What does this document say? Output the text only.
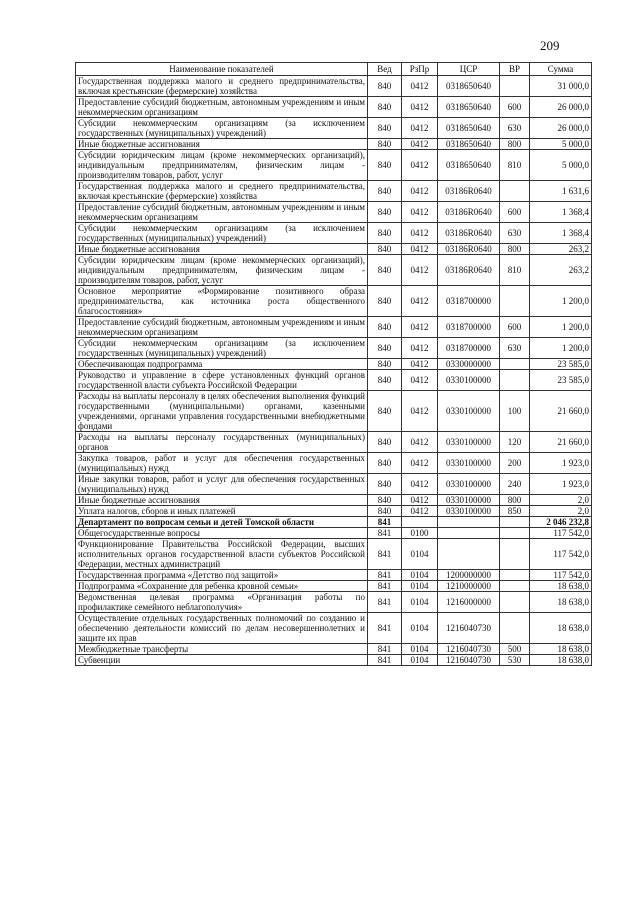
209
Наименование показателей	Вед	РзПр	ЦСР	ВР	Сумма
Государственная поддержка малого и среднего предпринимательства, включая крестьянские (фермерские) хозяйства	840	0412	0318650640		31 000,0
Предоставление субсидий бюджетным, автономным учреждениям и иным некоммерческим организациям	840	0412	0318650640	600	26 000,0
Субсидии некоммерческим организациям (за исключением государственных (муниципальных) учреждений)	840	0412	0318650640	630	26 000,0
Иные бюджетные ассигнования	840	0412	0318650640	800	5 000,0
Субсидии юридическим лицам (кроме некоммерческих организаций), индивидуальным предпринимателям, физическим лицам - производителям товаров, работ, услуг	840	0412	0318650640	810	5 000,0
Государственная поддержка малого и среднего предпринимательства, включая крестьянские (фермерские) хозяйства	840	0412	03186R0640		1 631,6
Предоставление субсидий бюджетным, автономным учреждениям и иным некоммерческим организациям	840	0412	03186R0640	600	1 368,4
Субсидии некоммерческим организациям (за исключением государственных (муниципальных) учреждений)	840	0412	03186R0640	630	1 368,4
Иные бюджетные ассигнования	840	0412	03186R0640	800	263,2
Субсидии юридическим лицам (кроме некоммерческих организаций), индивидуальным предпринимателям, физическим лицам - производителям товаров, работ, услуг	840	0412	03186R0640	810	263,2
Основное мероприятие «Формирование позитивного образа предпринимательства, как источника роста общественного благосостояния»	840	0412	0318700000		1 200,0
Предоставление субсидий бюджетным, автономным учреждениям и иным некоммерческим организациям	840	0412	0318700000	600	1 200,0
Субсидии некоммерческим организациям (за исключением государственных (муниципальных) учреждений)	840	0412	0318700000	630	1 200,0
Обеспечивающая подпрограмма	840	0412	0330000000		23 585,0
Руководство и управление в сфере установленных функций органов государственной власти субъекта Российской Федерации	840	0412	0330100000		23 585,0
Расходы на выплаты персоналу в целях обеспечения выполнения функций государственными (муниципальными) органами, казенными учреждениями, органами управления государственными внебюджетными фондами	840	0412	0330100000	100	21 660,0
Расходы на выплаты персоналу государственных (муниципальных) органов	840	0412	0330100000	120	21 660,0
Закупка товаров, работ и услуг для обеспечения государственных (муниципальных) нужд	840	0412	0330100000	200	1 923,0
Иные закупки товаров, работ и услуг для обеспечения государственных (муниципальных) нужд	840	0412	0330100000	240	1 923,0
Иные бюджетные ассигнования	840	0412	0330100000	800	2,0
Уплата налогов, сборов и иных платежей	840	0412	0330100000	850	2,0
Департамент по вопросам семьи и детей Томской области	841				2 046 232,8
Общегосударственные вопросы	841	0100			117 542,0
Функционирование Правительства Российской Федерации, высших исполнительных органов государственной власти субъектов Российской Федерации, местных администраций	841	0104			117 542,0
Государственная программа «Детство под защитой»	841	0104	1200000000		117 542,0
Подпрограмма «Сохранение для ребенка кровной семьи»	841	0104	1210000000		18 638,0
Ведомственная целевая программа «Организация работы по профилактике семейного неблагополучия»	841	0104	1216000000		18 638,0
Осуществление отдельных государственных полномочий по созданию и обеспечению деятельности комиссий по делам несовершеннолетних и защите их прав	841	0104	1216040730		18 638,0
Межбюджетные трансферты	841	0104	1216040730	500	18 638,0
Субвенции	841	0104	1216040730	530	18 638,0
